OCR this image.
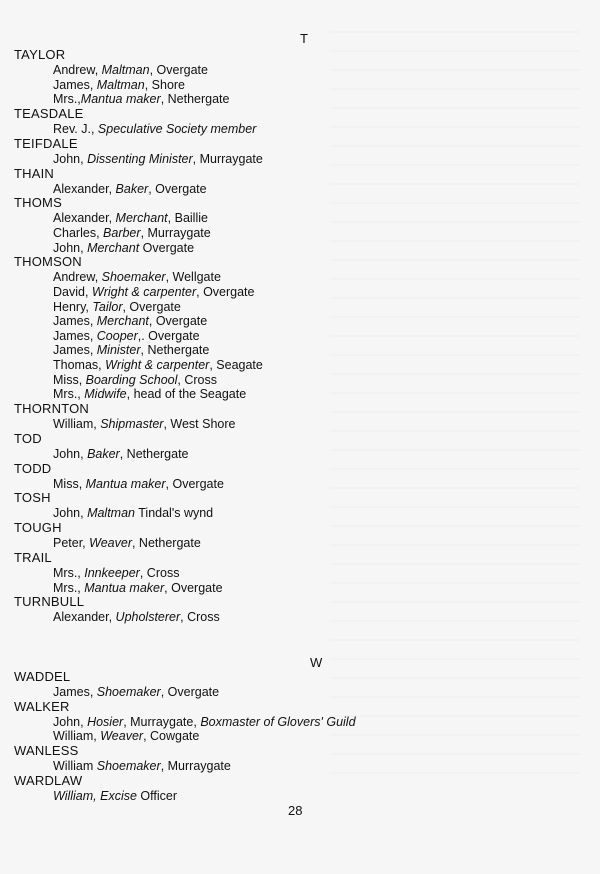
T
TAYLOR
Andrew, Maltman, Overgate
James, Maltman, Shore
Mrs.,Mantua maker, Nethergate
TEASDALE
Rev. J., Speculative Society member
TEIFDALE
John, Dissenting Minister, Murraygate
THAIN
Alexander, Baker, Overgate
THOMS
Alexander, Merchant, Baillie
Charles, Barber, Murraygate
John, Merchant Overgate
THOMSON
Andrew, Shoemaker, Wellgate
David, Wright & carpenter, Overgate
Henry, Tailor, Overgate
James, Merchant, Overgate
James, Cooper,. Overgate
James, Minister, Nethergate
Thomas, Wright & carpenter, Seagate
Miss, Boarding School, Cross
Mrs., Midwife, head of the Seagate
THORNTON
William, Shipmaster, West Shore
TOD
John, Baker, Nethergate
TODD
Miss, Mantua maker, Overgate
TOSH
John, Maltman Tindal's wynd
TOUGH
Peter, Weaver, Nethergate
TRAIL
Mrs., Innkeeper, Cross
Mrs., Mantua maker, Overgate
TURNBULL
Alexander, Upholsterer, Cross
W
WADDEL
James, Shoemaker, Overgate
WALKER
John, Hosier, Murraygate, Boxmaster of Glovers' Guild
William, Weaver, Cowgate
WANLESS
William Shoemaker, Murraygate
WARDLAW
William, Excise Officer
28
